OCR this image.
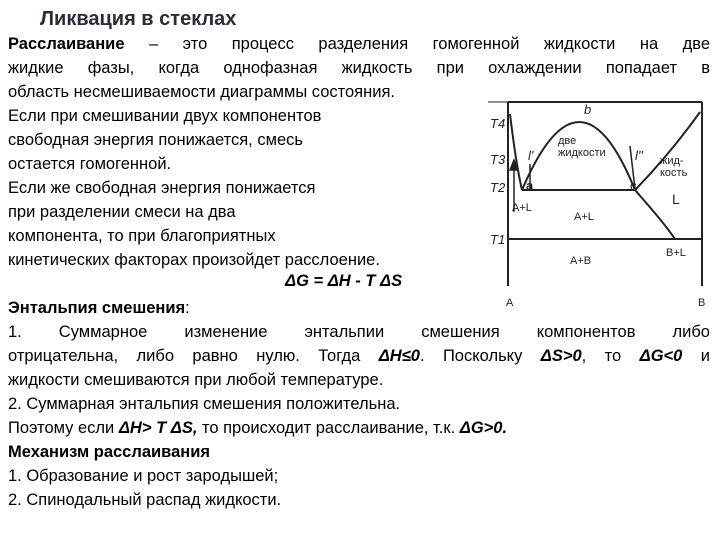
Ликвация в стеклах
Расслаивание – это процесс разделения гомогенной жидкости на две
жидкие фазы, когда однофазная жидкость при охлаждении попадает в
область несмешиваемости диаграммы состояния.
Если при смешивании двух компонентов
свободная энергия понижается, смесь
остается гомогенной.
Если же свободная энергия понижается
при разделении смеси на два
компонента, то при благоприятных
кинетических факторах произойдет расслоение.
ΔG = ΔH - T ΔS
T4
T3
T2
T1
b
l'	l''
a	c
две
жидкости
жид-
кость
L
A+L
A+L
B+L
A+B
A	B
Энтальпия смешения:
1. Суммарное изменение энтальпии смешения компонентов либо
отрицательна, либо равно нулю. Тогда ΔH≤0. Поскольку ΔS>0, то ΔG<0 и
жидкости смешиваются при любой температуре.
2. Суммарная энтальпия смешения положительна.
Поэтому если ΔH> T ΔS, то происходит расслаивание, т.к. ΔG>0.
Механизм расслаивания
1. Образование и рост зародышей;
2. Спинодальный распад жидкости.
